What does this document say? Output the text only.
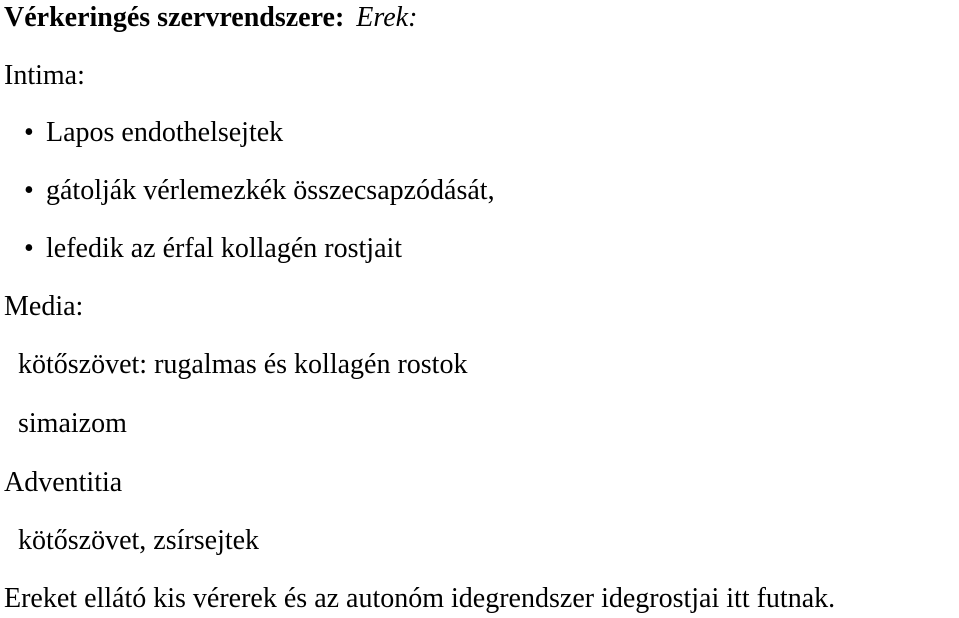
Vérkeringés szervrendszere: Erek:
Intima:
•Lapos endothelsejtek
•gátolják vérlemezkék összecsapzódását,
•lefedik az érfal kollagén rostjait
Media:
kötőszövet: rugalmas és kollagén rostok
simaizom
Adventitia
kötőszövet, zsírsejtek
Ereket ellátó kis vérerek és az autonóm idegrendszer idegrostjai itt futnak.
